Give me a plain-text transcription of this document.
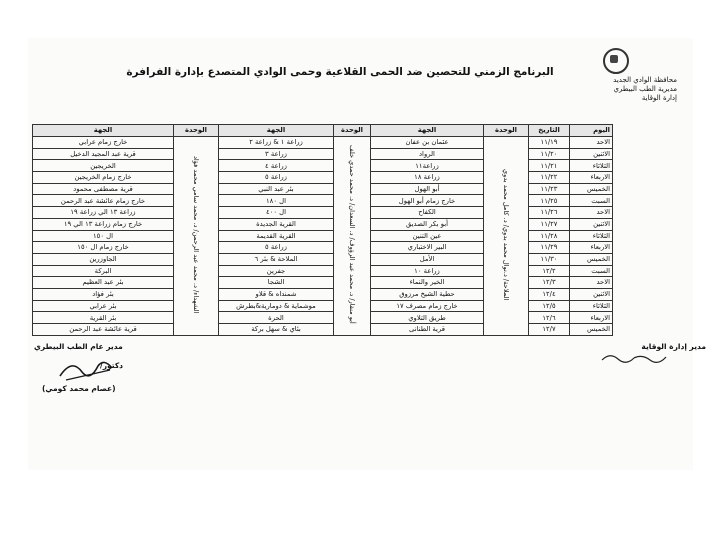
محافظة الوادي الجديد
مديرية الطب البيطري
إدارة الوقاية
البرنامج الزمني للتحصين ضد الحمى القلاعية وحمى الوادي المتصدع بإدارة الفرافرة
اليوم	التاريخ	الوحدة	الجهة	الوحدة	الجهة	الوحدة	الجهة
الاحد	١١/١٩	الملاحة/ د.نوال محمد بدوي/ د. كامل محمد بدوي	عثمان بن عفان	أبو منقار/ د. محمد عبد الرؤوف/ د. السعدان/ د. محمد حمدي خلف	زراعة ١ & زراعة ٢	الشهداء/ د. محمد عبد الرحمن/ د. محمد سامي محمد فؤاد	خارج زمام عرابي
الاثنين	١١/٢٠		الرواد		زراعة ٣		قرية عبد المجيد الدخيل
الثلاثاء	١١/٢١		زراعة١١		زراعة ٤		الخريجين
الاربعاء	١١/٢٢		زراعة ١٨		زراعة ٥		خارج زمام الخريجين
الخميس	١١/٢٣		أبو الهول		بئر عبد النبي		قرية مصطفى محمود
السبت	١١/٢٥		خارج زمام أبو الهول		ال ١٨٠		خارج زمام عائشة عبد الرحمن
الاحد	١١/٢٦		الكفاح		ال ٤٠٠		زراعة ١٣ الي زراعة ١٩
الاثنين	١١/٢٧		أبو بكر الصديق		القرية الجديدة		خارج زمام زراعة ١٣ الي ١٩
الثلاثاء	١١/٢٨		عين التنين		القرية القديمة		ال ١٥٠
الاربعاء	١١/٢٩		البير الاختباري		زراعة ٥		خارج زمام ال ١٥٠
الخميس	١١/٣٠		الأمل		الملاحة & بئر ٦		الجاوزرين
السبت	١٢/٢		زراعة ١٠		جفرين		البركة
الاحد	١٢/٣		الخير والنماء		الشجا		بئر عبد العظيم
الاثنين	١٢/٤		حطية الشيخ مرزوق		شمنداه & قلاو		بئر فؤاد
الثلاثاء	١٢/٥		خارج زمام مصرف ١٧		موشماية & دومارية&بطرش		بئر عرابي
الاربعاء	١٢/٦		طريق التلاوي		الحرة		بئر القرية
الخميس	١٢/٧		قرية الطنانى		بئاي & سهل بركة		قرية عائشة عبد الرحمن
مدير إدارة الوقاية
مدير عام الطب البيطري
دكتور/
(عصام محمد كومي)
